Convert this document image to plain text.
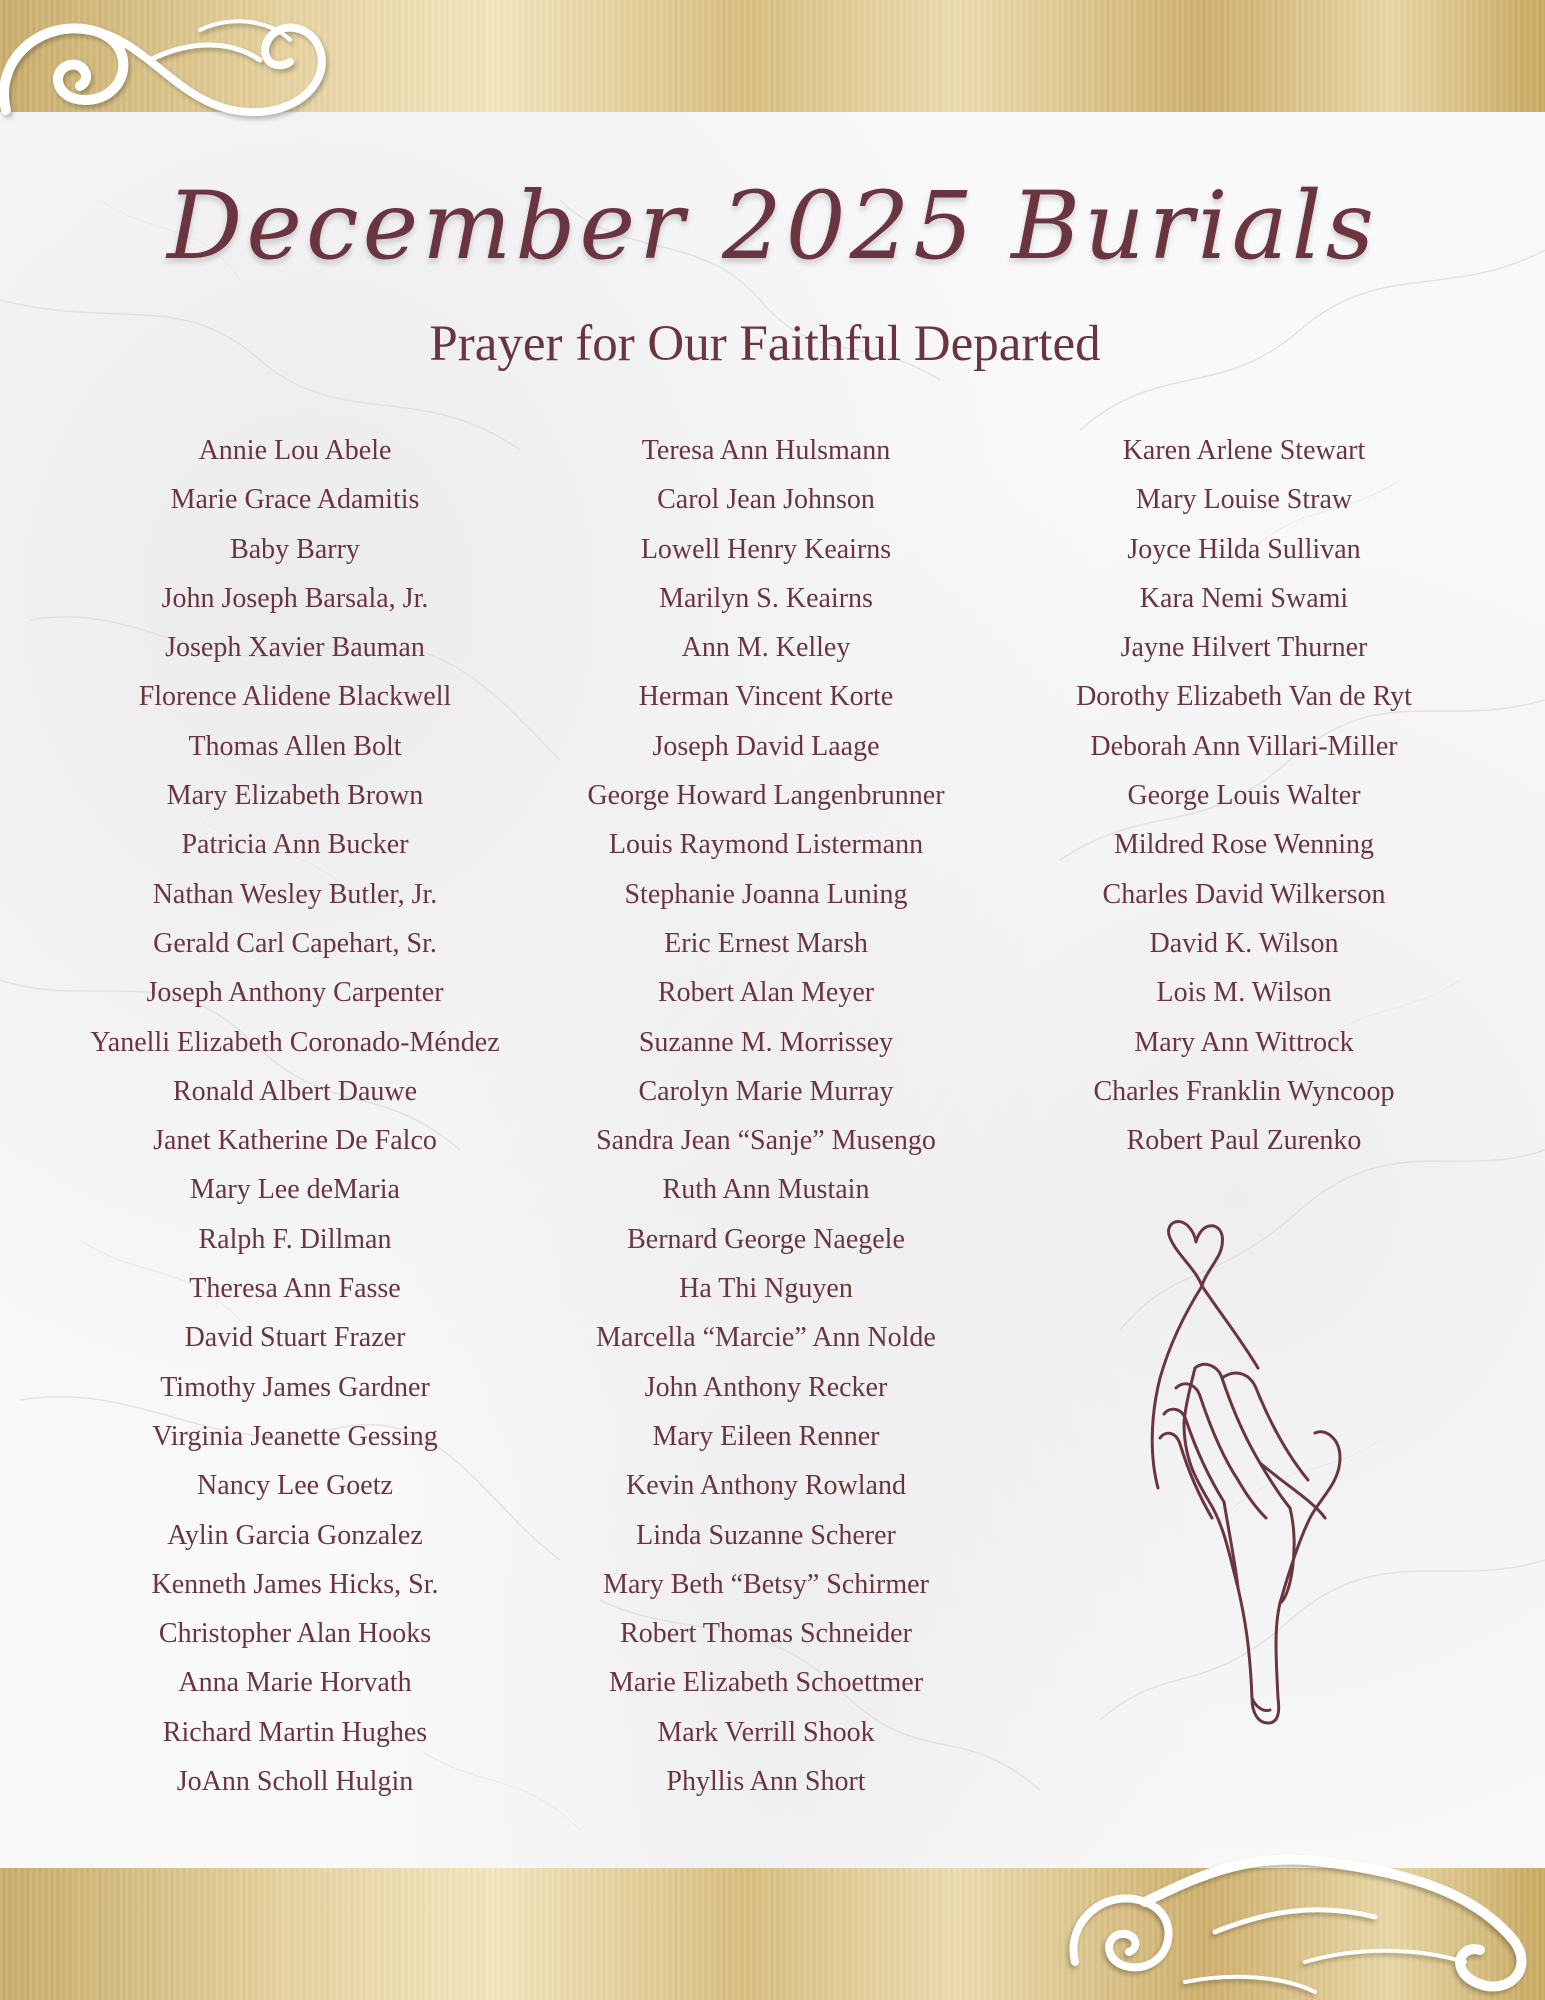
December 2025 Burials
Prayer for Our Faithful Departed
Annie Lou Abele
Marie Grace Adamitis
Baby Barry
John Joseph Barsala, Jr.
Joseph Xavier Bauman
Florence Alidene Blackwell
Thomas Allen Bolt
Mary Elizabeth Brown
Patricia Ann Bucker
Nathan Wesley Butler, Jr.
Gerald Carl Capehart, Sr.
Joseph Anthony Carpenter
Yanelli Elizabeth Coronado-Méndez
Ronald Albert Dauwe
Janet Katherine De Falco
Mary Lee deMaria
Ralph F. Dillman
Theresa Ann Fasse
David Stuart Frazer
Timothy James Gardner
Virginia Jeanette Gessing
Nancy Lee Goetz
Aylin Garcia Gonzalez
Kenneth James Hicks, Sr.
Christopher Alan Hooks
Anna Marie Horvath
Richard Martin Hughes
JoAnn Scholl Hulgin
Teresa Ann Hulsmann
Carol Jean Johnson
Lowell Henry Keairns
Marilyn S. Keairns
Ann M. Kelley
Herman Vincent Korte
Joseph David Laage
George Howard Langenbrunner
Louis Raymond Listermann
Stephanie Joanna Luning
Eric Ernest Marsh
Robert Alan Meyer
Suzanne M. Morrissey
Carolyn Marie Murray
Sandra Jean “Sanje” Musengo
Ruth Ann Mustain
Bernard George Naegele
Ha Thi Nguyen
Marcella “Marcie” Ann Nolde
John Anthony Recker
Mary Eileen Renner
Kevin Anthony Rowland
Linda Suzanne Scherer
Mary Beth “Betsy” Schirmer
Robert Thomas Schneider
Marie Elizabeth Schoettmer
Mark Verrill Shook
Phyllis Ann Short
Karen Arlene Stewart
Mary Louise Straw
Joyce Hilda Sullivan
Kara Nemi Swami
Jayne Hilvert Thurner
Dorothy Elizabeth Van de Ryt
Deborah Ann Villari-Miller
George Louis Walter
Mildred Rose Wenning
Charles David Wilkerson
David K. Wilson
Lois M. Wilson
Mary Ann Wittrock
Charles Franklin Wyncoop
Robert Paul Zurenko
